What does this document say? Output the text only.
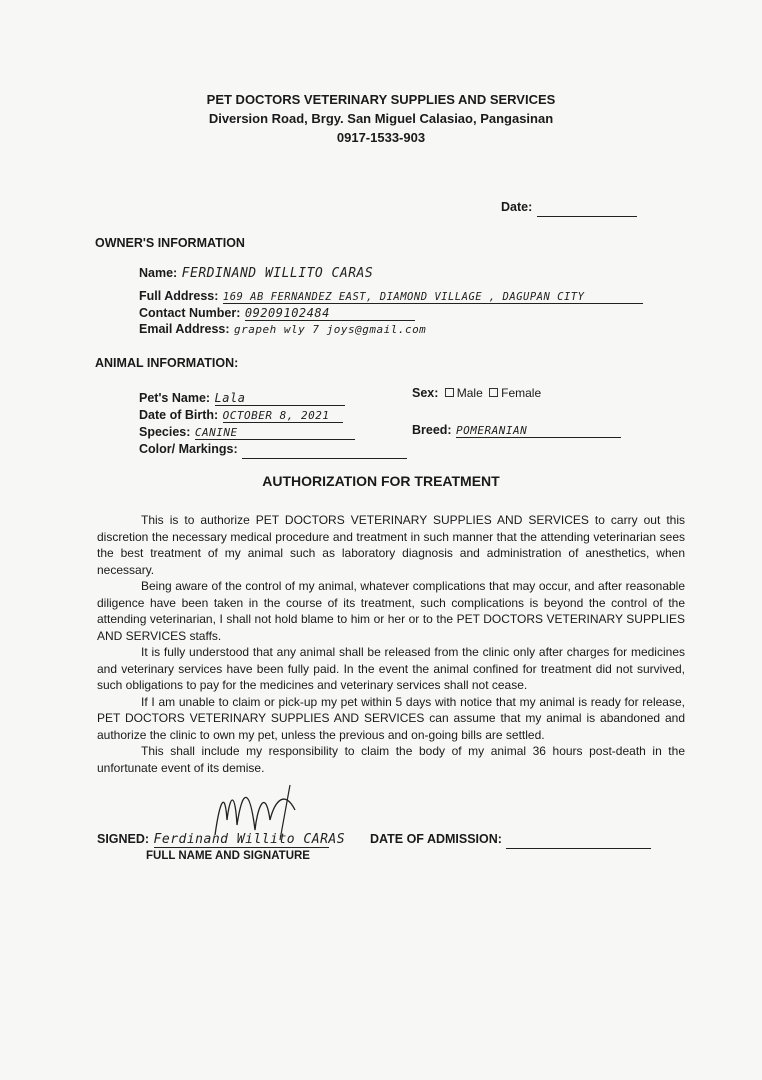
PET DOCTORS VETERINARY SUPPLIES AND SERVICES
Diversion Road, Brgy. San Miguel Calasiao, Pangasinan
0917-1533-903
Date:
OWNER'S INFORMATION
Name: FERDINAND WILLITO CARAS
Full Address: 169 AB FERNANDEZ EAST, DIAMOND VILLAGE , DAGUPAN CITY
Contact Number: 09209102484
Email Address: grapeh wly 7 joys@gmail.com
ANIMAL INFORMATION:
Pet's Name: Lala
Date of Birth: OCTOBER 8, 2021
Species: CANINE
Color/ Markings:
Sex: Male Female
Breed: POMERANIAN
AUTHORIZATION FOR TREATMENT

This is to authorize PET DOCTORS VETERINARY SUPPLIES AND SERVICES to carry out this discretion the necessary medical procedure and treatment in such manner that the attending veterinarian sees the best treatment of my animal such as laboratory diagnosis and administration of anesthetics, when necessary.

Being aware of the control of my animal, whatever complications that may occur, and after reasonable diligence have been taken in the course of its treatment, such complications is beyond the control of the attending veterinarian, I shall not hold blame to him or her or to the PET DOCTORS VETERINARY SUPPLIES AND SERVICES staffs.

It is fully understood that any animal shall be released from the clinic only after charges for medicines and veterinary services have been fully paid. In the event the animal confined for treatment did not survived, such obligations to pay for the medicines and veterinary services shall not cease.

If I am unable to claim or pick-up my pet within 5 days with notice that my animal is ready for release, PET DOCTORS VETERINARY SUPPLIES AND SERVICES can assume that my animal is abandoned and authorize the clinic to own my pet, unless the previous and on-going bills are settled.

This shall include my responsibility to claim the body of my animal 36 hours post-death in the unfortunate event of its demise.

SIGNED: Ferdinand Willito CARAS
FULL NAME AND SIGNATURE
DATE OF ADMISSION:
